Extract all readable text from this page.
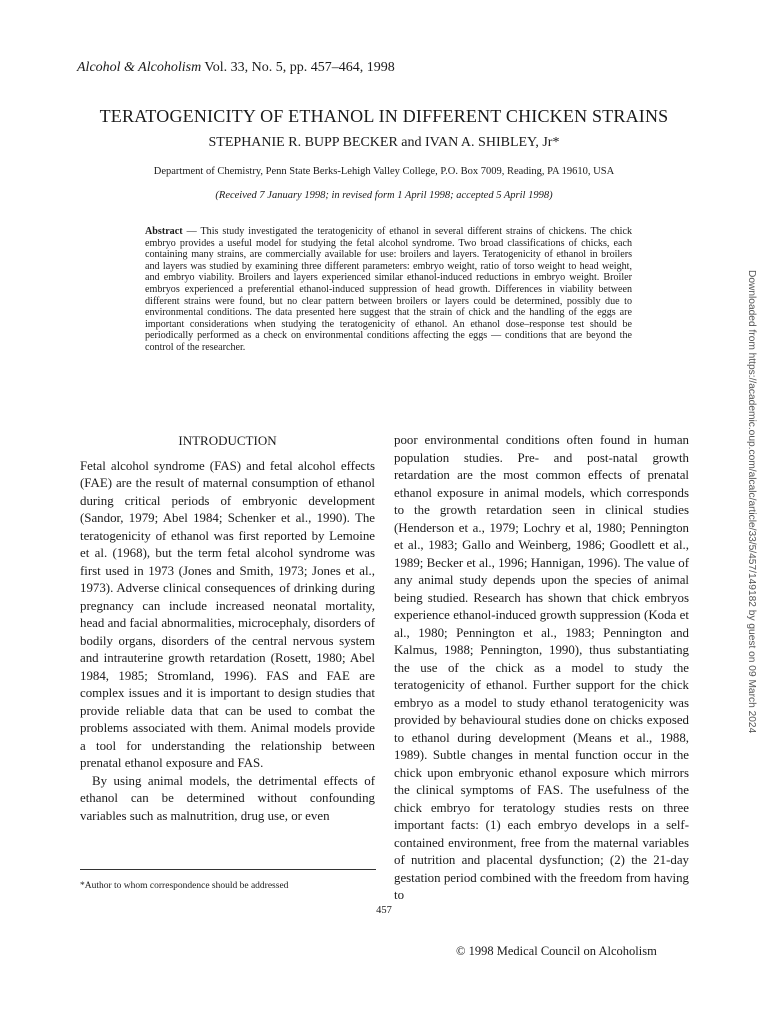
Alcohol & Alcoholism Vol. 33, No. 5, pp. 457–464, 1998
TERATOGENICITY OF ETHANOL IN DIFFERENT CHICKEN STRAINS
STEPHANIE R. BUPP BECKER and IVAN A. SHIBLEY, Jr*
Department of Chemistry, Penn State Berks-Lehigh Valley College, P.O. Box 7009, Reading, PA 19610, USA
(Received 7 January 1998; in revised form 1 April 1998; accepted 5 April 1998)
Abstract — This study investigated the teratogenicity of ethanol in several different strains of chickens. The chick embryo provides a useful model for studying the fetal alcohol syndrome. Two broad classifications of chicks, each containing many strains, are commercially available for use: broilers and layers. Teratogenicity of ethanol in broilers and layers was studied by examining three different parameters: embryo weight, ratio of torso weight to head weight, and embryo viability. Broilers and layers experienced similar ethanol-induced reductions in embryo weight. Broiler embryos experienced a preferential ethanol-induced suppression of head growth. Differences in viability between different strains were found, but no clear pattern between broilers or layers could be determined, possibly due to environmental conditions. The data presented here suggest that the strain of chick and the handling of the eggs are important considerations when studying the teratogenicity of ethanol. An ethanol dose–response test should be periodically performed as a check on environmental conditions affecting the eggs — conditions that are beyond the control of the researcher.
INTRODUCTION

Fetal alcohol syndrome (FAS) and fetal alcohol effects (FAE) are the result of maternal consumption of ethanol during critical periods of embryonic development (Sandor, 1979; Abel 1984; Schenker et al., 1990). The teratogenicity of ethanol was first reported by Lemoine et al. (1968), but the term fetal alcohol syndrome was first used in 1973 (Jones and Smith, 1973; Jones et al., 1973). Adverse clinical consequences of drinking during pregnancy can include increased neonatal mortality, head and facial abnormalities, microcephaly, disorders of bodily organs, disorders of the central nervous system and intrauterine growth retardation (Rosett, 1980; Abel 1984, 1985; Stromland, 1996). FAS and FAE are complex issues and it is important to design studies that provide reliable data that can be used to combat the problems associated with them. Animal models provide a tool for understanding the relationship between prenatal ethanol exposure and FAS.

By using animal models, the detrimental effects of ethanol can be determined without confounding variables such as malnutrition, drug use, or even

poor environmental conditions often found in human population studies. Pre- and post-natal growth retardation are the most common effects of prenatal ethanol exposure in animal models, which corresponds to the growth retardation seen in clinical studies (Henderson et a., 1979; Lochry et al, 1980; Pennington et al., 1983; Gallo and Weinberg, 1986; Goodlett et al., 1989; Becker et al., 1996; Hannigan, 1996). The value of any animal study depends upon the species of animal being studied. Research has shown that chick embryos experience ethanol-induced growth suppression (Koda et al., 1980; Pennington et al., 1983; Pennington and Kalmus, 1988; Pennington, 1990), thus substantiating the use of the chick as a model to study the teratogenicity of ethanol. Further support for the chick embryo as a model to study ethanol teratogenicity was provided by behavioural studies done on chicks exposed to ethanol during development (Means et al., 1988, 1989). Subtle changes in mental function occur in the chick upon embryonic ethanol exposure which mirrors the clinical symptoms of FAS. The usefulness of the chick embryo for teratology studies rests on three important facts: (1) each embryo develops in a self-contained environment, free from the maternal variables of nutrition and placental dysfunction; (2) the 21-day gestation period combined with the freedom from having to

*Author to whom correspondence should be addressed
457
© 1998 Medical Council on Alcoholism
Downloaded from https://academic.oup.com/alcalc/article/33/5/457/149182 by guest on 09 March 2024
